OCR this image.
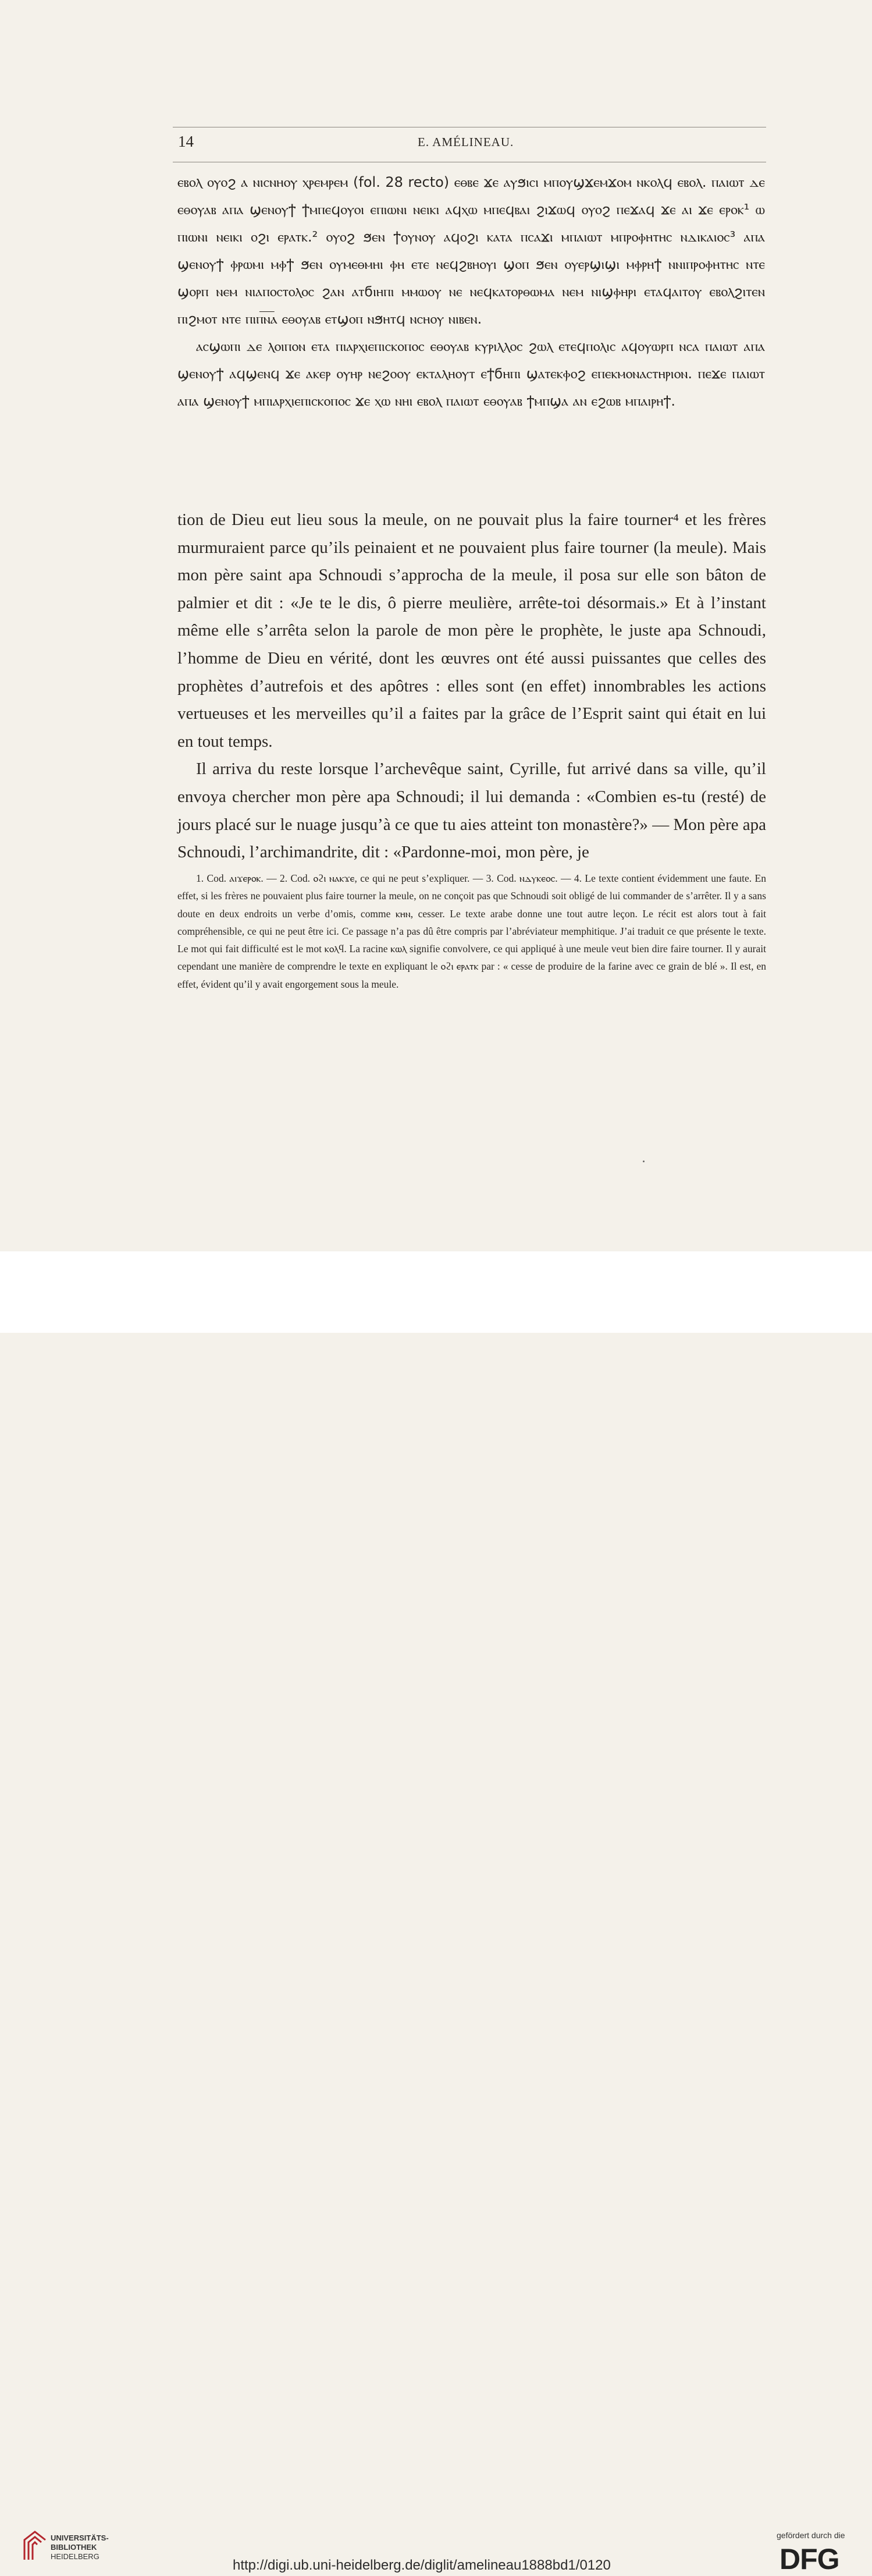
14	E. AMÉLINEAU.

ⲉⲃⲟⲗ ⲟⲩⲟϩ ⲁ ⲛⲓⲥⲛⲏⲟⲩ ⲭⲣⲉⲙⲣⲉⲙ (fol. 28 recto) ⲉⲑⲃⲉ ϫⲉ ⲁⲩϧⲓⲥⲓ ⲙⲡⲟⲩϣϫⲉⲙϫⲟⲙ ⲛⲕⲟⲗϥ ⲉⲃⲟⲗ. ⲡⲁⲓⲱⲧ ⲇⲉ ⲉⲑⲟⲩⲁⲃ ⲁⲡⲁ ϣⲉⲛⲟⲩϯ ϯⲙⲡⲉϥⲟⲩⲟⲓ ⲉⲡⲓⲱⲛⲓ ⲛⲉⲓⲕⲓ ⲁϥⲭⲱ ⲙⲡⲉϥⲃⲁⲓ ϩⲓϫⲱϥ ⲟⲩⲟϩ ⲡⲉϫⲁϥ ϫⲉ ⲁⲓ ϫⲉ ⲉⲣⲟⲕ¹ ⲱ ⲡⲓⲱⲛⲓ ⲛⲉⲓⲕⲓ ⲟϩⲓ ⲉⲣⲁⲧⲕ.² ⲟⲩⲟϩ ϧⲉⲛ ϯⲟⲩⲛⲟⲩ ⲁϥⲟϩⲓ ⲕⲁⲧⲁ ⲡⲥⲁϫⲓ ⲙⲡⲁⲓⲱⲧ ⲙⲡⲣⲟⲫⲏⲧⲏⲥ ⲛⲇⲓⲕⲁⲓⲟⲥ³ ⲁⲡⲁ ϣⲉⲛⲟⲩϯ ⲫⲣⲱⲙⲓ ⲙⲫϯ ϧⲉⲛ ⲟⲩⲙⲉⲑⲙⲏⲓ ⲫⲏ ⲉⲧⲉ ⲛⲉϥϩⲃⲏⲟⲩⲓ ϣⲟⲡ ϧⲉⲛ ⲟⲩⲉⲣϣⲓϣⲓ ⲙⲫⲣⲏϯ ⲛⲛⲓⲡⲣⲟⲫⲏⲧⲏⲥ ⲛⲧⲉ ϣⲟⲣⲡ ⲛⲉⲙ ⲛⲓⲁⲡⲟⲥⲧⲟⲗⲟⲥ ϩⲁⲛ ⲁⲧϭⲓⲏⲡⲓ ⲙⲙⲱⲟⲩ ⲛⲉ ⲛⲉϥⲕⲁⲧⲟⲣⲑⲱⲙⲁ ⲛⲉⲙ ⲛⲓϣⲫⲏⲣⲓ ⲉⲧⲁϥⲁⲓⲧⲟⲩ ⲉⲃⲟⲗϩⲓⲧⲉⲛ ⲡⲓϩⲙⲟⲧ ⲛⲧⲉ ⲡⲓⲡ͞ⲛ͞ⲁ ⲉⲑⲟⲩⲁⲃ ⲉⲧϣⲟⲡ ⲛϧⲏⲧϥ ⲛⲥⲏⲟⲩ ⲛⲓⲃⲉⲛ.

ⲁⲥϣⲱⲡⲓ ⲇⲉ ⲗⲟⲓⲡⲟⲛ ⲉⲧⲁ ⲡⲓⲁⲣⲭⲓⲉⲡⲓⲥⲕⲟⲡⲟⲥ ⲉⲑⲟⲩⲁⲃ ⲕⲩⲣⲓⲗⲗⲟⲥ ϩⲱⲗ ⲉⲧⲉϥⲡⲟⲗⲓⲥ ⲁϥⲟⲩⲱⲣⲡ ⲛⲥⲁ ⲡⲁⲓⲱⲧ ⲁⲡⲁ ϣⲉⲛⲟⲩϯ ⲁϥϣⲉⲛϥ ϫⲉ ⲁⲕⲉⲣ ⲟⲩⲏⲣ ⲛⲉϩⲟⲟⲩ ⲉⲕⲧⲁⲗⲏⲟⲩⲧ ⲉϯϭⲏⲡⲓ ϣⲁⲧⲉⲕⲫⲟϩ ⲉⲡⲉⲕⲙⲟⲛⲁⲥⲧⲏⲣⲓⲟⲛ. ⲡⲉϫⲉ ⲡⲁⲓⲱⲧ ⲁⲡⲁ ϣⲉⲛⲟⲩϯ ⲙⲡⲓⲁⲣⲭⲓⲉⲡⲓⲥⲕⲟⲡⲟⲥ ϫⲉ ⲭⲱ ⲛⲏⲓ ⲉⲃⲟⲗ ⲡⲁⲓⲱⲧ ⲉⲑⲟⲩⲁⲃ ϯⲙⲡϣⲁ ⲁⲛ ⲉϩⲱⲃ ⲙⲡⲁⲓⲣⲏϯ.

tion de Dieu eut lieu sous la meule, on ne pouvait plus la faire tourner⁴ et les frères murmuraient parce qu’ils peinaient et ne pouvaient plus faire tourner (la meule). Mais mon père saint apa Schnoudi s’approcha de la meule, il posa sur elle son bâton de palmier et dit : «Je te le dis, ô pierre meulière, arrête-toi désormais.» Et à l’instant même elle s’arrêta selon la parole de mon père le prophète, le juste apa Schnoudi, l’homme de Dieu en vérité, dont les œuvres ont été aussi puissantes que celles des prophètes d’autrefois et des apôtres : elles sont (en effet) innombrables les actions vertueuses et les merveilles qu’il a faites par la grâce de l’Esprit saint qui était en lui en tout temps.

Il arriva du reste lorsque l’archevêque saint, Cyrille, fut arrivé dans sa ville, qu’il envoya chercher mon père apa Schnoudi; il lui demanda : «Combien es-tu (resté) de jours placé sur le nuage jusqu’à ce que tu aies atteint ton monastère?» — Mon père apa Schnoudi, l’archimandrite, dit : «Pardonne-moi, mon père, je

1. Cod. ⲁⲓϫⲉⲣⲟⲕ. — 2. Cod. ⲟϩⲓ ⲛⲁⲕϫⲉ, ce qui ne peut s’expliquer. — 3. Cod. ⲛⲇⲩⲕⲉⲟⲥ. — 4. Le texte contient évidemment une faute. En effet, si les frères ne pouvaient plus faire tourner la meule, on ne conçoit pas que Schnoudi soit obligé de lui commander de s’arrêter. Il y a sans doute en deux endroits un verbe d’omis, comme ⲕⲏⲛ, cesser. Le texte arabe donne une tout autre leçon. Le récit est alors tout à fait compréhensible, ce qui ne peut être ici. Ce passage n’a pas dû être compris par l’abréviateur memphitique. J’ai traduit ce que présente le texte. Le mot qui fait difficulté est le mot ⲕⲟⲗϥ. La racine ⲕⲱⲗ signifie convolvere, ce qui appliqué à une meule veut bien dire faire tourner. Il y aurait cependant une manière de comprendre le texte en expliquant le ⲟϩⲓ ⲉⲣⲁⲧⲕ par : « cesse de produire de la farine avec ce grain de blé ». Il est, en effet, évident qu’il y avait engorgement sous la meule.

UNIVERSITÄTS-
BIBLIOTHEK
HEIDELBERG
http://digi.ub.uni-heidelberg.de/diglit/amelineau1888bd1/0120
gefördert durch die
DFG
